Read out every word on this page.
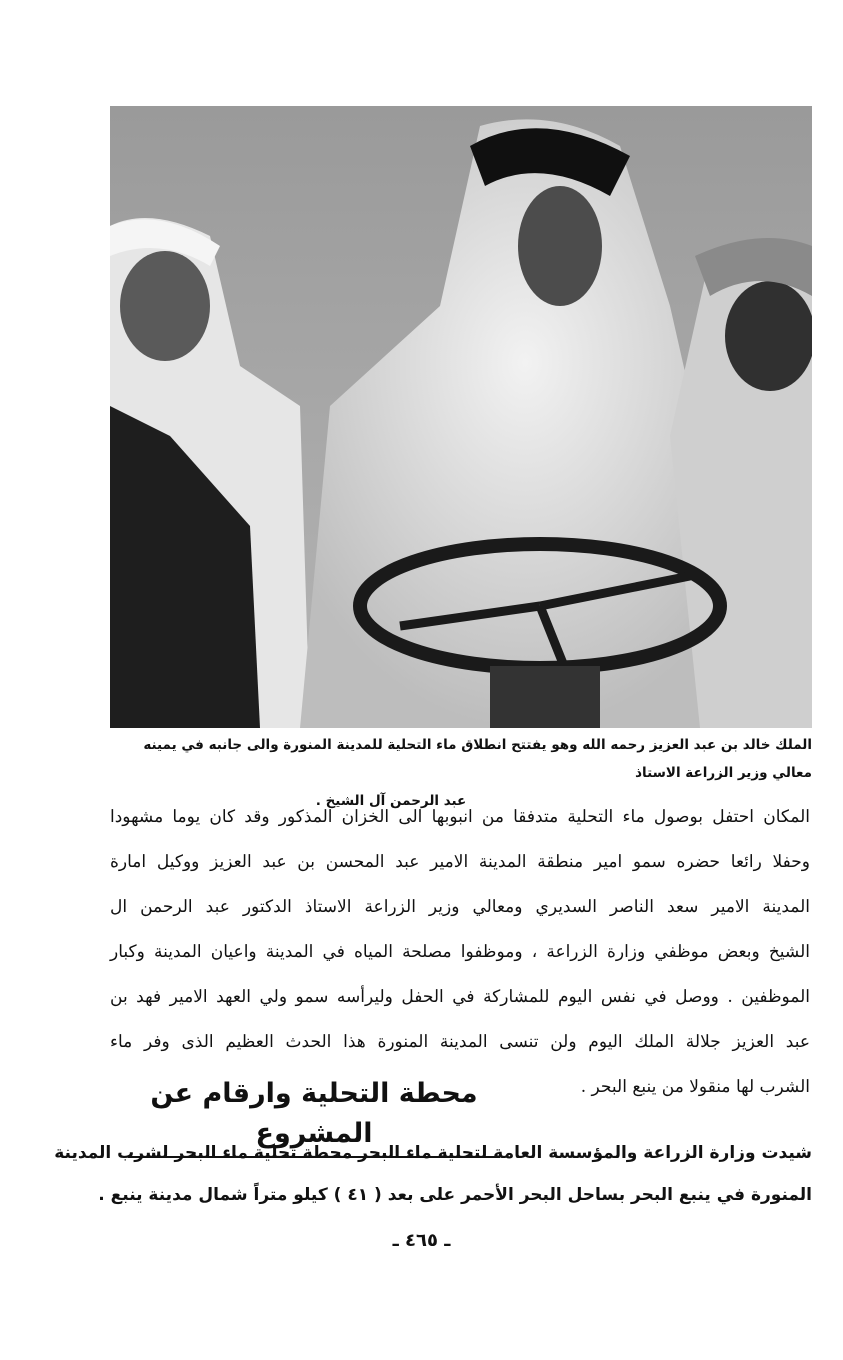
الملك خالد بن عبد العزيز رحمه الله وهو يفتتح انطلاق ماء التحلية للمدينة المنورة والى جانبه في يمينه معالي وزير الزراعة الاستاذ
عبد الرحمن آل الشيخ .
المكان احتفل بوصول ماء التحلية متدفقا من انبوبها الى الخزان المذكور وقد كان يوما مشهودا
وحفلا رائعا حضره سمو امير منطقة المدينة الامير عبد المحسن بن عبد العزيز ووكيل امارة
المدينة الامير سعد الناصر السديري ومعالي وزير الزراعة الاستاذ الدكتور عبد الرحمن ال
الشيخ وبعض موظفي وزارة الزراعة ، وموظفوا مصلحة المياه في المدينة واعيان المدينة وكبار
الموظفين . ووصل في نفس اليوم للمشاركة في الحفل وليرأسه سمو ولي العهد الامير فهد بن
عبد العزيز جلالة الملك اليوم ولن تنسى المدينة المنورة هذا الحدث العظيم الذى وفر ماء
الشرب لها منقولا من ينبع البحر .
محطة التحلية وارقام عن المشروع
شيدت وزارة الزراعة والمؤسسة العامة لتحلية ماء البحر محطة تحلية ماء البحر لشرب المدينة
المنورة في ينبع البحر بساحل البحر الأحمر على بعد ( ٤١ ) كيلو متراً شمال مدينة ينبع .
ـ ٤٦٥ ـ
